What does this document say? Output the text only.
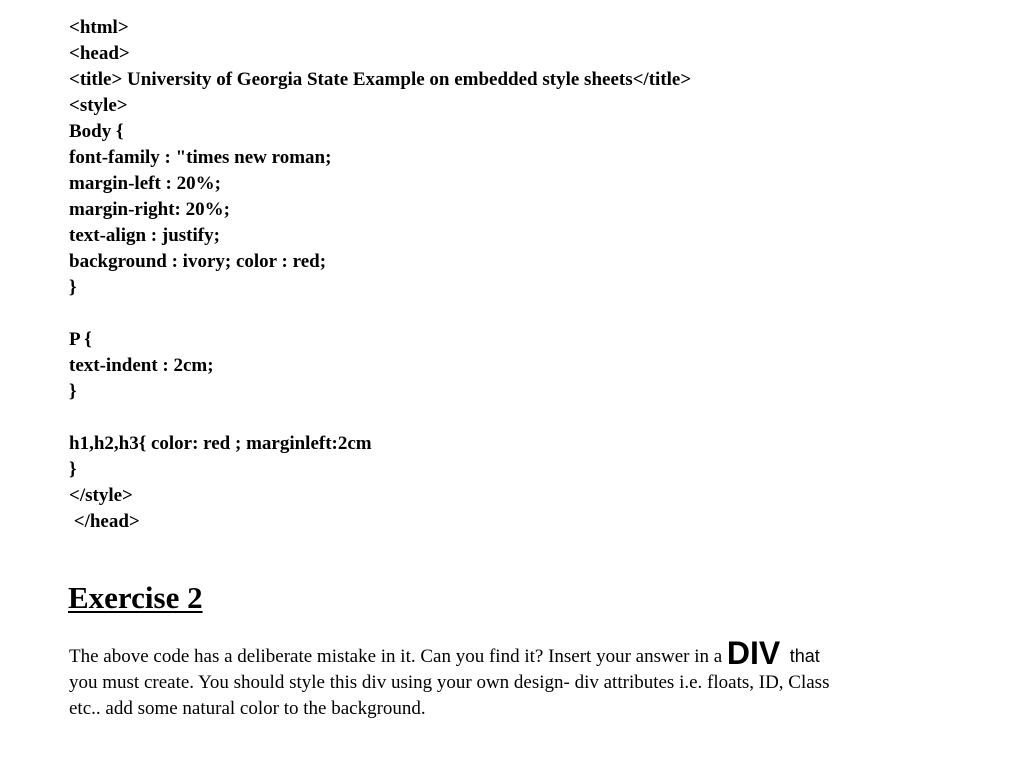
<html>
<head>
<title> University of Georgia State Example on embedded style sheets</title>
<style>
Body {
font-family : "times new roman;
margin-left : 20%;
margin-right: 20%;
text-align : justify;
background : ivory; color : red;
}
P {
text-indent : 2cm;
}
h1,h2,h3{ color: red ; marginleft:2cm
}
</style>
</head>
Exercise 2

The above code has a deliberate mistake in it. Can you find it? Insert your answer in a DIV that
you must create. You should style this div using your own design- div attributes i.e. floats, ID, Class
etc.. add some natural color to the background.
